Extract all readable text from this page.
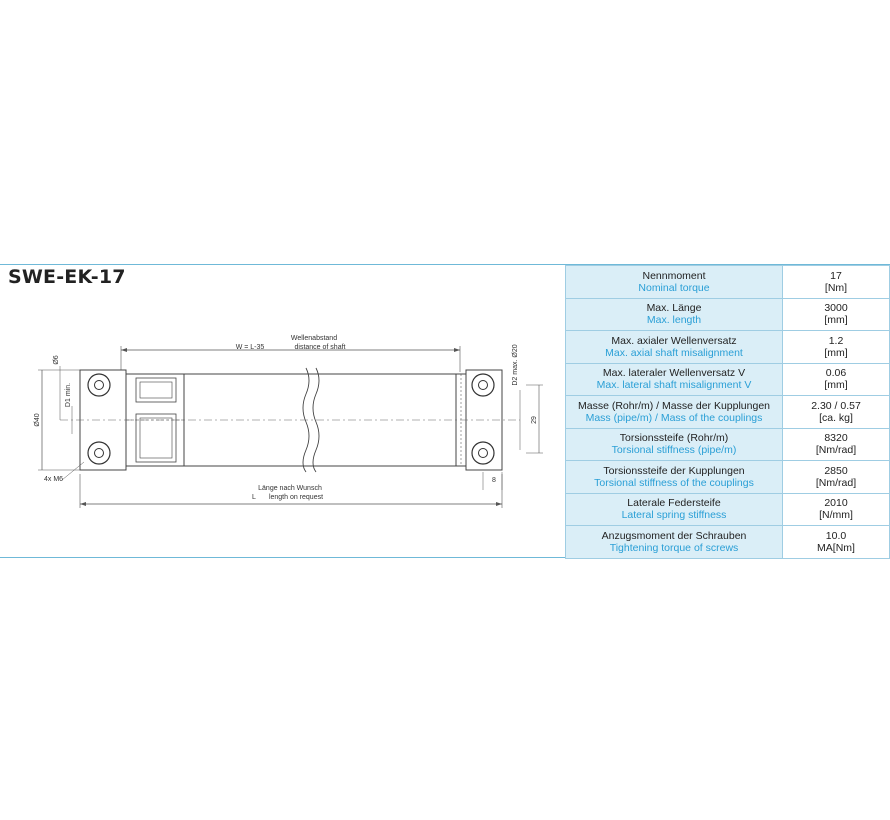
SWE-EK-17
Wellenabstand
W = L-35	distance of shaft
Ø40
Ø6
D1 min.
4x M6
D2 max. Ø20
29
8
Länge nach Wunsch
L length on request
Nennmoment
Nominal torque	17
[Nm]

Max. Länge
Max. length	3000
[mm]

Max. axialer Wellenversatz
Max. axial shaft misalignment	1.2
[mm]

Max. lateraler Wellenversatz V
Max. lateral shaft misalignment V	0.06
[mm]

Masse (Rohr/m) / Masse der Kupplungen
Mass (pipe/m) / Mass of the couplings	2.30 / 0.57
[ca. kg]

Torsionssteife (Rohr/m)
Torsional stiffness (pipe/m)	8320
[Nm/rad]

Torsionssteife der Kupplungen
Torsional stiffness of the couplings	2850
[Nm/rad]

Laterale Federsteife
Lateral spring stiffness	2010
[N/mm]

Anzugsmoment der Schrauben
Tightening torque of screws	10.0
MA[Nm]
